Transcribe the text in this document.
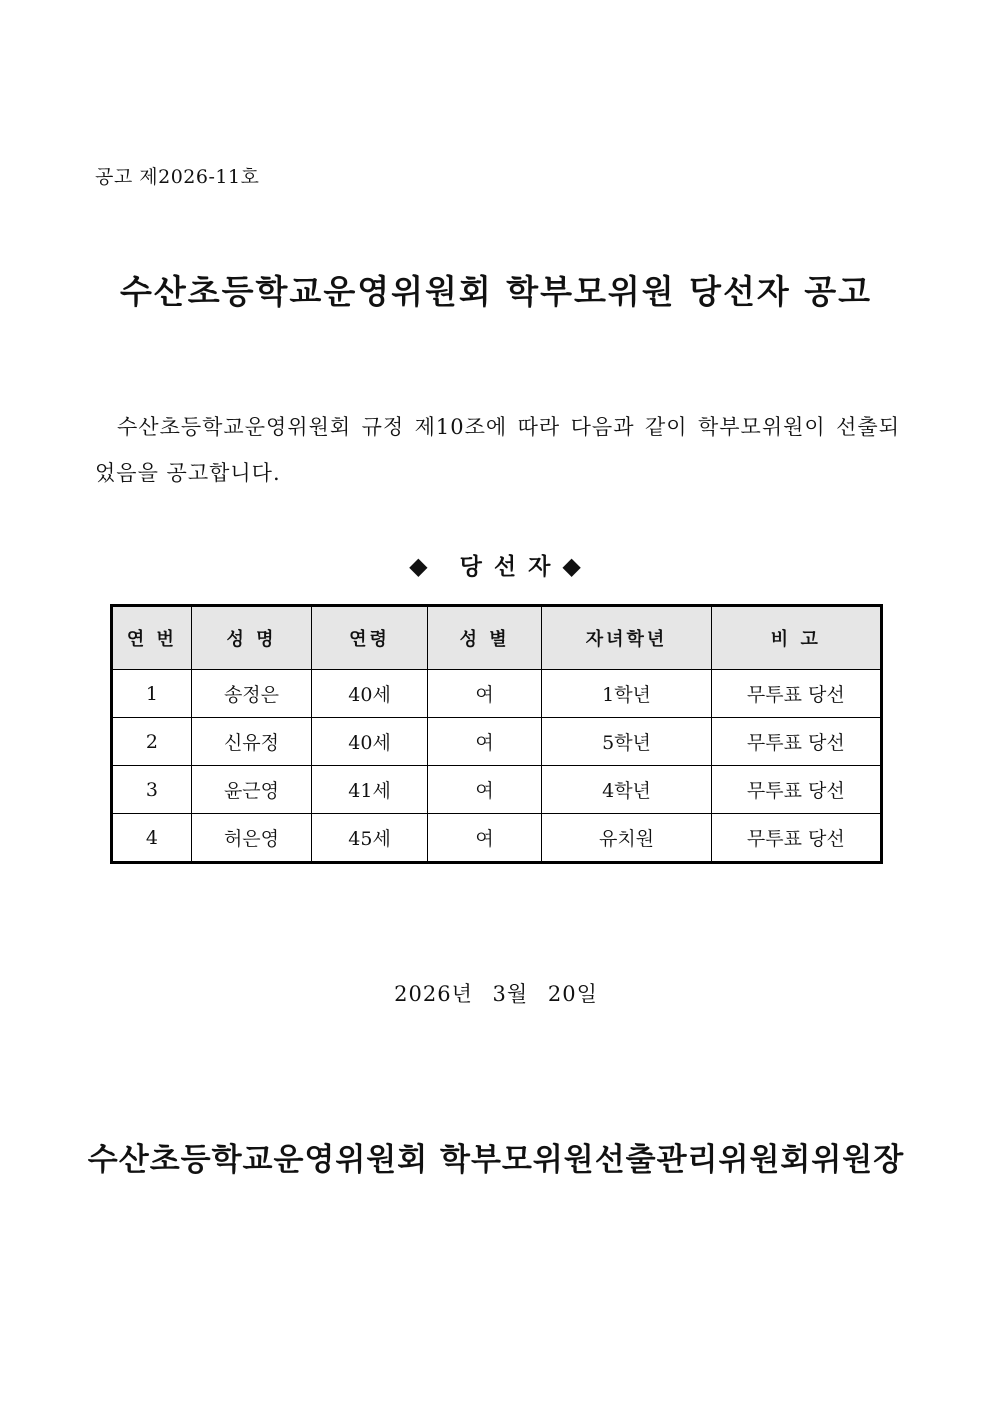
공고 제2026-11호
수산초등학교운영위원회 학부모위원 당선자 공고
수산초등학교운영위원회 규정 제10조에 따라 다음과 같이 학부모위원이 선출되었음을 공고합니다.
◆ 당 선 자 ◆
연 번	성 명	연령	성 별	자녀학년	비 고
1	송정은	40세	여	1학년	무투표 당선
2	신유정	40세	여	5학년	무투표 당선
3	윤근영	41세	여	4학년	무투표 당선
4	허은영	45세	여	유치원	무투표 당선
2026년 3월 20일
수산초등학교운영위원회 학부모위원선출관리위원회위원장
